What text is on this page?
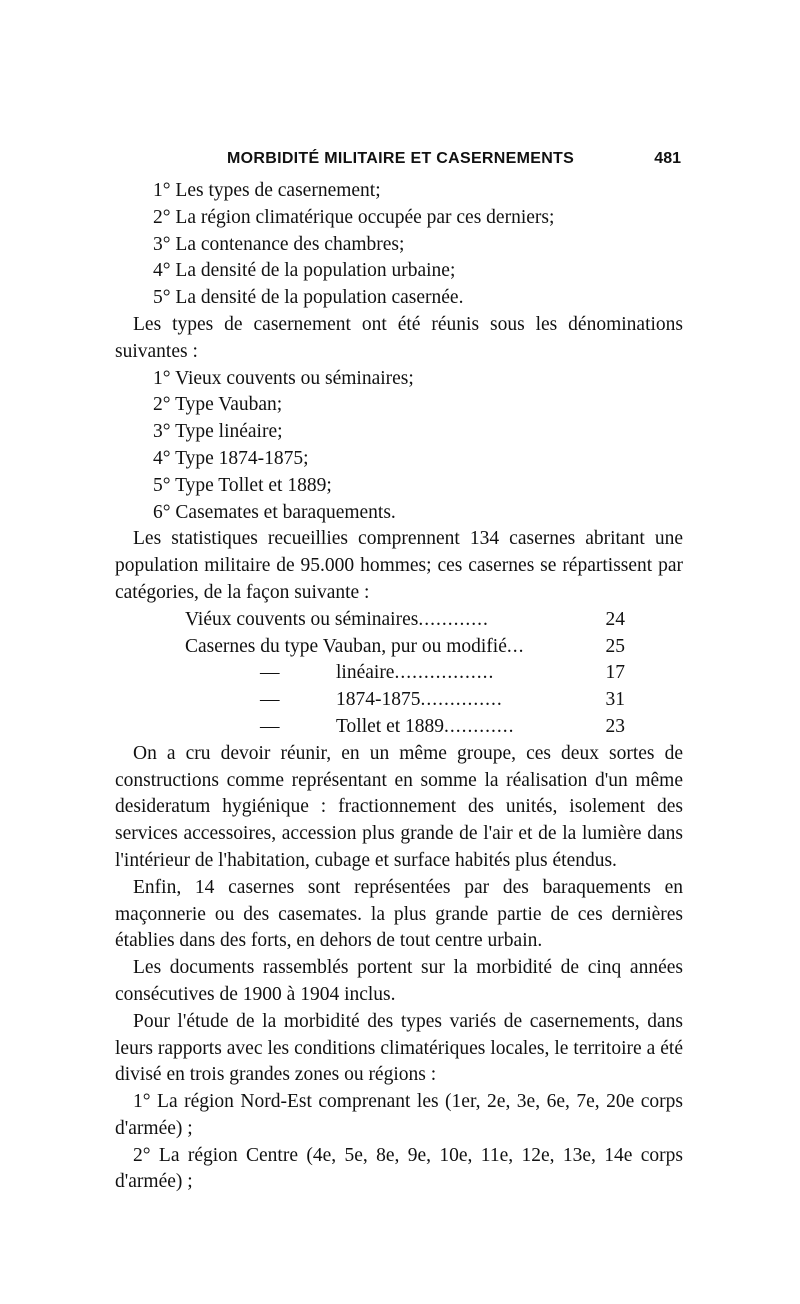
MORBIDITÉ MILITAIRE ET CASERNEMENTS	481
1° Les types de casernement;
2° La région climatérique occupée par ces derniers;
3° La contenance des chambres;
4° La densité de la population urbaine;
5° La densité de la population casernée.

Les types de casernement ont été réunis sous les dénominations suivantes :

1° Vieux couvents ou séminaires;
2° Type Vauban;
3° Type linéaire;
4° Type 1874-1875;
5° Type Tollet et 1889;
6° Casemates et baraquements.

Les statistiques recueillies comprennent 134 casernes abritant une population militaire de 95.000 hommes; ces casernes se répartissent par catégories, de la façon suivante :

Viéux couvents ou séminaires............	24
Casernes du type Vauban, pur ou modifié...	25
—	linéaire.................	17
—	1874-1875..............	31
—	Tollet et 1889............	23

On a cru devoir réunir, en un même groupe, ces deux sortes de constructions comme représentant en somme la réalisation d'un même desideratum hygiénique : fractionnement des unités, isolement des services accessoires, accession plus grande de l'air et de la lumière dans l'intérieur de l'habitation, cubage et surface habités plus étendus.

Enfin, 14 casernes sont représentées par des baraquements en maçonnerie ou des casemates. la plus grande partie de ces dernières établies dans des forts, en dehors de tout centre urbain.

Les documents rassemblés portent sur la morbidité de cinq années consécutives de 1900 à 1904 inclus.

Pour l'étude de la morbidité des types variés de casernements, dans leurs rapports avec les conditions climatériques locales, le territoire a été divisé en trois grandes zones ou régions :

1° La région Nord-Est comprenant les (1er, 2e, 3e, 6e, 7e, 20e corps d'armée) ;

2° La région Centre (4e, 5e, 8e, 9e, 10e, 11e, 12e, 13e, 14e corps d'armée) ;
